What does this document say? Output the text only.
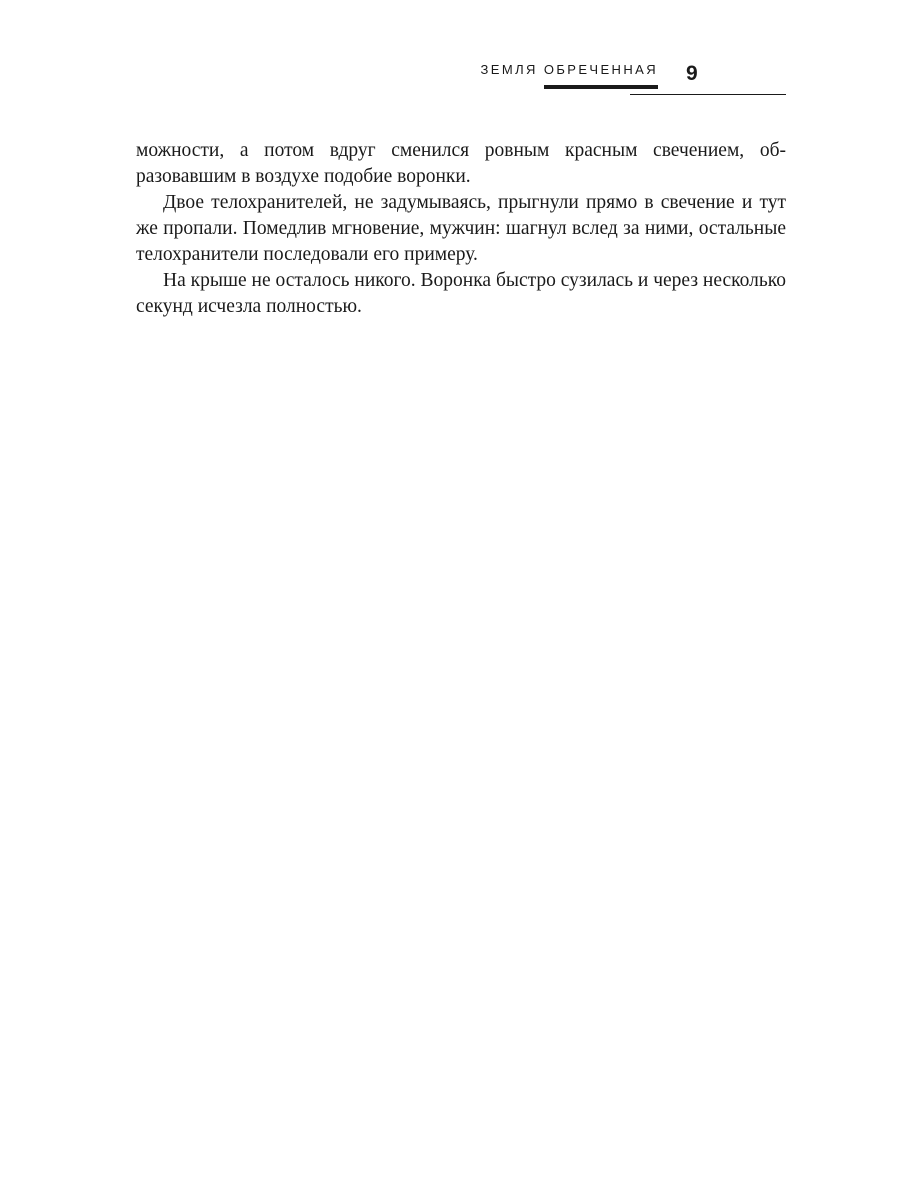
ЗЕМЛЯ ОБРЕЧЕННАЯ 9

можности, а потом вдруг сменился ровным красным свечением, образовавшим в воздухе подобие воронки.

Двое телохранителей, не задумываясь, прыгнули прямо в свечение и тут же пропали. Помедлив мгновение, мужчин: шагнул вслед за ними, остальные телохранители последовали его примеру.

На крыше не осталось никого. Воронка быстро сузилась и через несколько секунд исчезла полностью.
